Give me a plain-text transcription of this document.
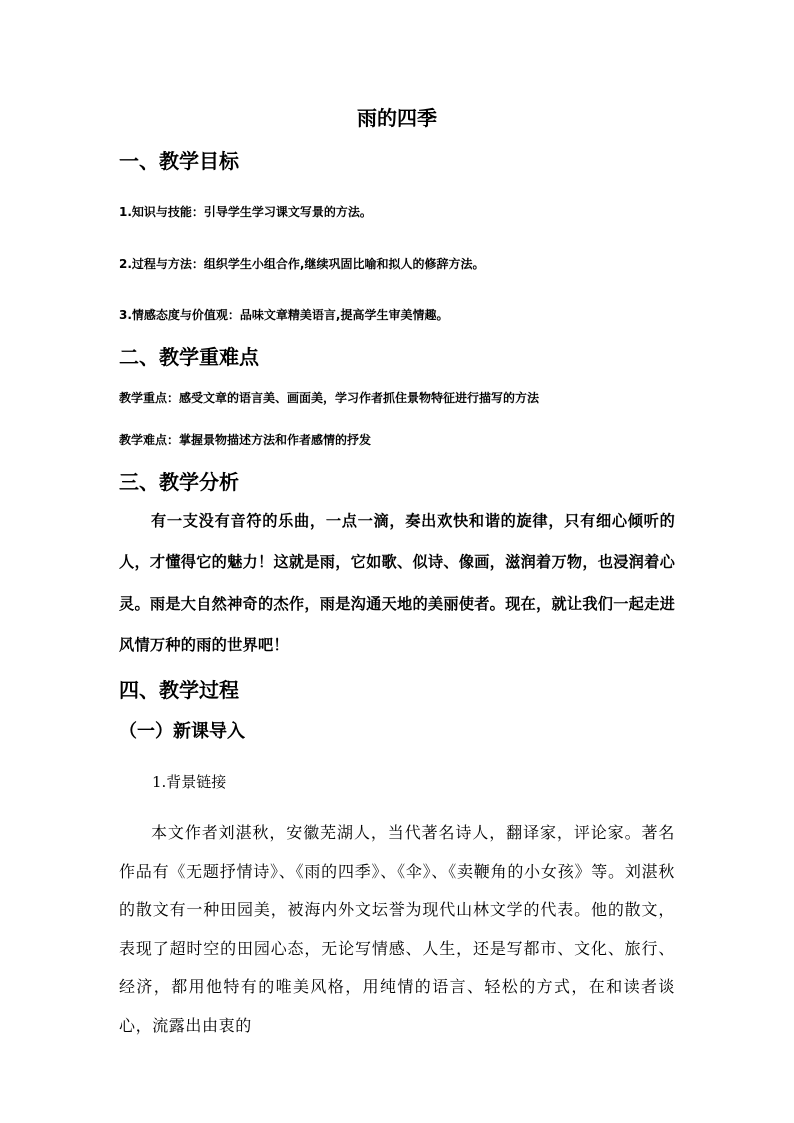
雨的四季
一、教学目标
1.知识与技能：引导学生学习课文写景的方法。
2.过程与方法：组织学生小组合作,继续巩固比喻和拟人的修辞方法。
3.情感态度与价值观：品味文章精美语言,提高学生审美情趣。
二、教学重难点
教学重点：感受文章的语言美、画面美，学习作者抓住景物特征进行描写的方法
教学难点：掌握景物描述方法和作者感情的抒发
三、教学分析

有一支没有音符的乐曲，一点一滴，奏出欢快和谐的旋律，只有细心倾听的人，才懂得它的魅力！这就是雨，它如歌、似诗、像画，滋润着万物，也浸润着心灵。雨是大自然神奇的杰作，雨是沟通天地的美丽使者。现在，就让我们一起走进风情万种的雨的世界吧！

四、教学过程
（一）新课导入
1.背景链接

本文作者刘湛秋，安徽芜湖人，当代著名诗人，翻译家，评论家。著名作品有《无题抒情诗》、《雨的四季》、《伞》、《卖鞭角的小女孩》等。刘湛秋的散文有一种田园美，被海内外文坛誉为现代山林文学的代表。他的散文，表现了超时空的田园心态，无论写情感、人生，还是写都市、文化、旅行、经济，都用他特有的唯美风格，用纯情的语言、轻松的方式，在和读者谈心，流露出由衷的
